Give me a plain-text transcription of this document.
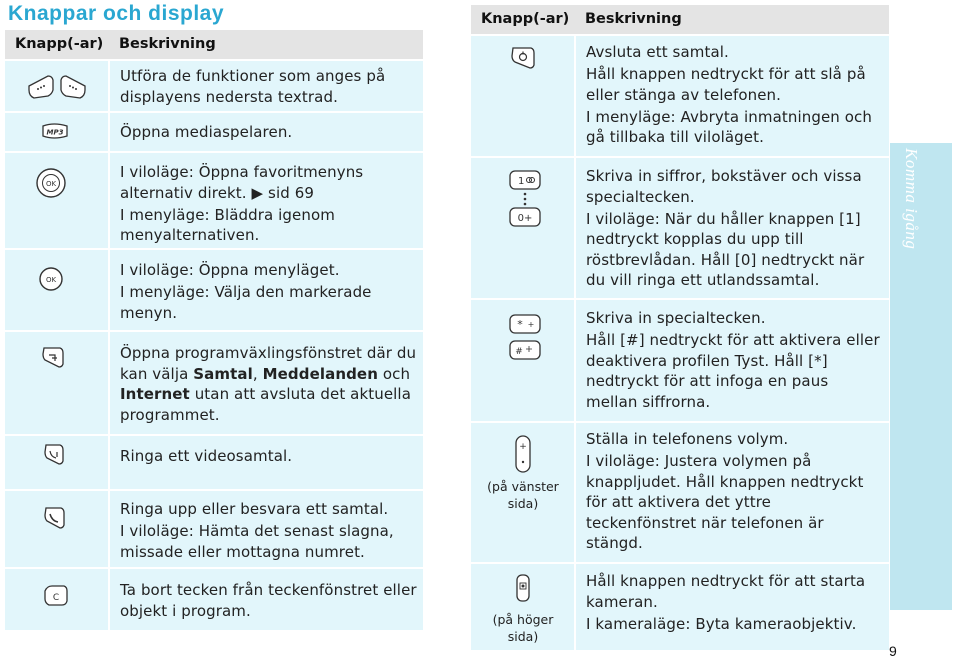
Knappar och display
Knapp(-ar) Beskrivning

Utföra de funktioner som anges på displayens nedersta textrad.

MP3	Öppna mediaspelaren.

OK

I viloläge: Öppna favoritmenyns alternativ direkt. ▶ sid 69

I menyläge: Bläddra igenom menyalternativen.

OK

I viloläge: Öppna menyläget.

I menyläge: Välja den markerade menyn.

Öppna programväxlingsfönstret där du kan välja Samtal, Meddelanden och Internet utan att avsluta det aktuella programmet.

Ringa ett videosamtal.

Ringa upp eller besvara ett samtal.

I viloläge: Hämta det senast slagna, missade eller mottagna numret.

C	Ta bort tecken från teckenfönstret eller objekt i program.

Knapp(-ar) Beskrivning

Avsluta ett samtal.

Håll knappen nedtryckt för att slå på eller stänga av telefonen.

I menyläge: Avbryta inmatningen och gå tillbaka till viloläget.

1
0+

Skriva in siffror, bokstäver och vissa specialtecken.

I viloläge: När du håller knappen [1] nedtryckt kopplas du upp till röstbrevlådan. Håll [0] nedtryckt när du vill ringa ett utlandssamtal.

* +
#

Skriva in specialtecken.

Håll [#] nedtryckt för att aktivera eller deaktivera profilen Tyst. Håll [*] nedtryckt för att infoga en paus mellan siffrorna.

+
(på vänster sida)

Ställa in telefonens volym.

I viloläge: Justera volymen på knappljudet. Håll knappen nedtryckt för att aktivera det yttre teckenfönstret när telefonen är stängd.

(på höger sida)

Håll knappen nedtryckt för att starta kameran.

I kameraläge: Byta kameraobjektiv.

Komma igång
9
